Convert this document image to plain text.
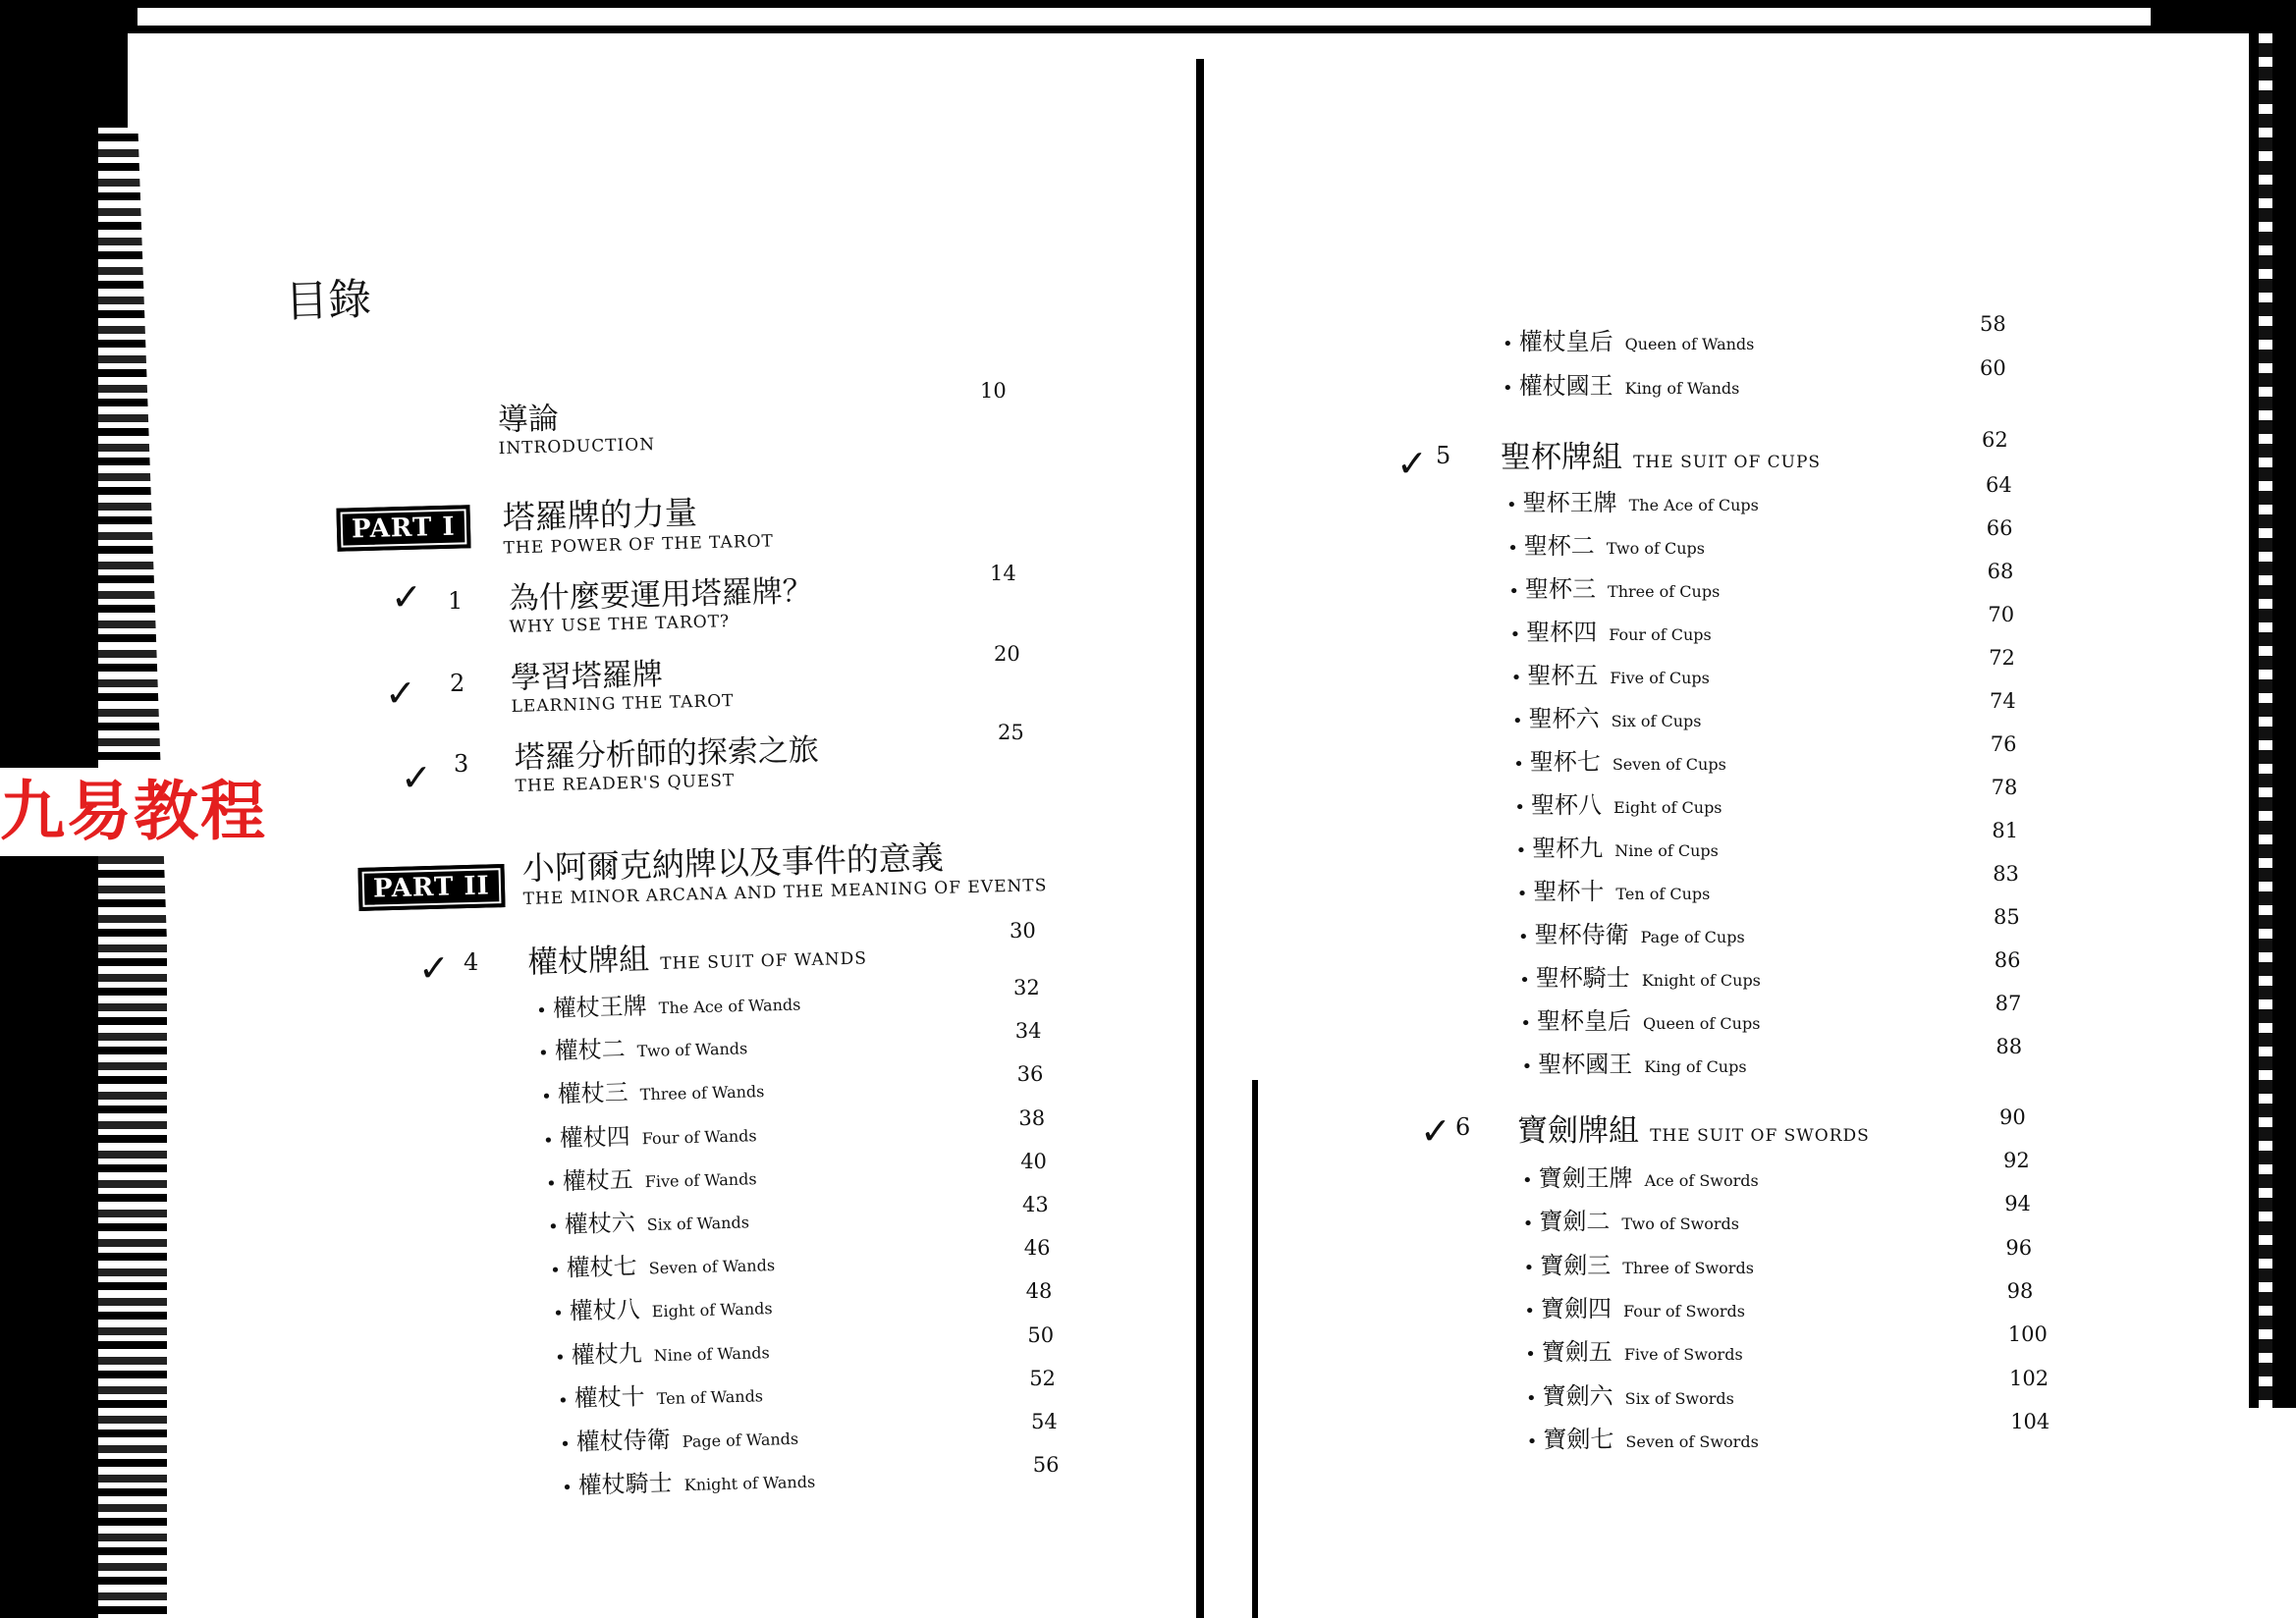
九易教程
目錄
導論
INTRODUCTION
10
PART I	塔羅牌的力量
THE POWER OF THE TAROT
✓ 1 為什麼要運用塔羅牌？
WHY USE THE TAROT?
14
✓ 2 學習塔羅牌
LEARNING THE TAROT
20
✓ 3 塔羅分析師的探索之旅
THE READER'S QUEST
25
PART II
小阿爾克納牌以及事件的意義
THE MINOR ARCANA AND THE MEANING OF EVENTS
✓ 4 權杖牌組 THE SUIT OF WANDS
30
• 權杖王牌 The Ace of Wands
32
• 權杖二 Two of Wands
34
• 權杖三 Three of Wands
36
• 權杖四 Four of Wands
38
• 權杖五 Five of Wands
40
• 權杖六 Six of Wands
43
• 權杖七 Seven of Wands
46
• 權杖八 Eight of Wands
48
• 權杖九 Nine of Wands
50
• 權杖十 Ten of Wands
52
• 權杖侍衛 Page of Wands
54
• 權杖騎士 Knight of Wands
56
• 權杖皇后 Queen of Wands
58
• 權杖國王 King of Wands
60
✓ 5 聖杯牌組 THE SUIT OF CUPS
62
• 聖杯王牌 The Ace of Cups
64
• 聖杯二 Two of Cups
66
• 聖杯三 Three of Cups
68
• 聖杯四 Four of Cups
70
• 聖杯五 Five of Cups
72
• 聖杯六 Six of Cups
74
• 聖杯七 Seven of Cups
76
• 聖杯八 Eight of Cups
78
• 聖杯九 Nine of Cups
81
• 聖杯十 Ten of Cups
83
• 聖杯侍衛 Page of Cups
85
• 聖杯騎士 Knight of Cups
86
• 聖杯皇后 Queen of Cups
87
• 聖杯國王 King of Cups
88
✓ 6 寶劍牌組 THE SUIT OF SWORDS
90
• 寶劍王牌 Ace of Swords
92
• 寶劍二 Two of Swords
94
• 寶劍三 Three of Swords
96
• 寶劍四 Four of Swords
98
• 寶劍五 Five of Swords
100
• 寶劍六 Six of Swords
102
• 寶劍七 Seven of Swords
104
